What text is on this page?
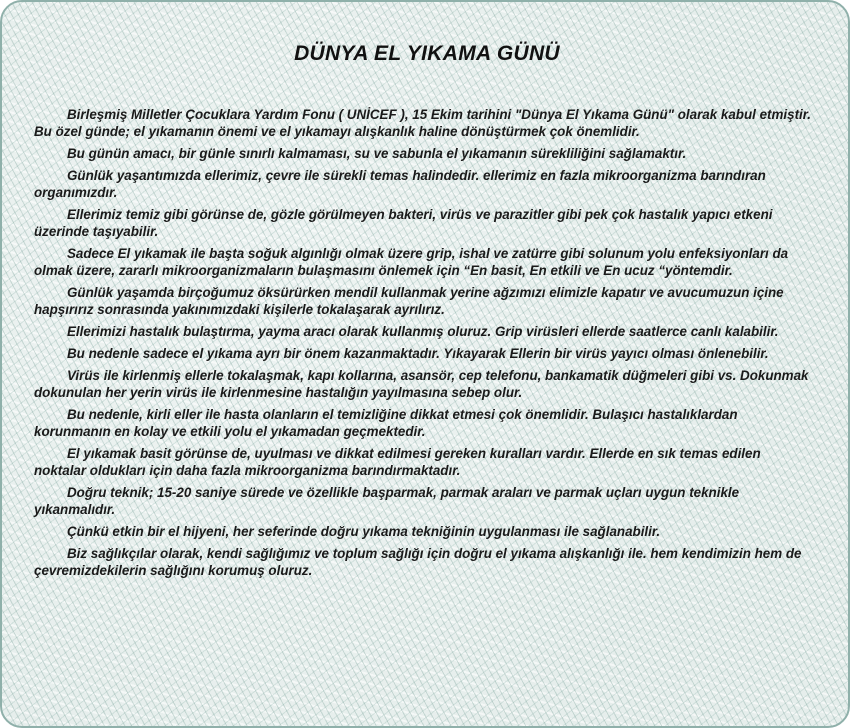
DÜNYA EL YIKAMA GÜNÜ

Birleşmiş Milletler Çocuklara Yardım Fonu ( UNİCEF ), 15 Ekim tarihini "Dünya El Yıkama Günü" olarak kabul etmiştir. Bu özel günde; el yıkamanın önemi ve el yıkamayı alışkanlık haline dönüştürmek çok önemlidir.

Bu günün amacı, bir günle sınırlı kalmaması, su ve sabunla el yıkamanın sürekliliğini sağlamaktır.

Günlük yaşantımızda ellerimiz, çevre ile sürekli temas halindedir. ellerimiz en fazla mikroorganizma barındıran organımızdır.

Ellerimiz temiz gibi görünse de, gözle görülmeyen bakteri, virüs ve parazitler gibi pek çok hastalık yapıcı etkeni üzerinde taşıyabilir.

Sadece El yıkamak ile başta soğuk algınlığı olmak üzere grip, ishal ve zatürre gibi solunum yolu enfeksiyonları da olmak üzere, zararlı mikroorganizmaların bulaşmasını önlemek için “En basit, En etkili ve En ucuz “yöntemdir.

Günlük yaşamda birçoğumuz öksürürken mendil kullanmak yerine ağzımızı elimizle kapatır ve avucumuzun içine hapşırırız sonrasında yakınımızdaki kişilerle tokalaşarak ayrılırız.

Ellerimizi hastalık bulaştırma, yayma aracı olarak kullanmış oluruz. Grip virüsleri ellerde saatlerce canlı kalabilir.

Bu nedenle sadece el yıkama ayrı bir önem kazanmaktadır. Yıkayarak Ellerin bir virüs yayıcı olması önlenebilir.

Virüs ile kirlenmiş ellerle tokalaşmak, kapı kollarına, asansör, cep telefonu, bankamatik düğmeleri gibi vs. Dokunmak dokunulan her yerin virüs ile kirlenmesine hastalığın yayılmasına sebep olur.

Bu nedenle, kirli eller ile hasta olanların el temizliğine dikkat etmesi çok önemlidir. Bulaşıcı hastalıklardan korunmanın en kolay ve etkili yolu el yıkamadan geçmektedir.

El yıkamak basit görünse de, uyulması ve dikkat edilmesi gereken kuralları vardır. Ellerde en sık temas edilen noktalar oldukları için daha fazla mikroorganizma barındırmaktadır.

Doğru teknik; 15-20 saniye sürede ve özellikle başparmak, parmak araları ve parmak uçları uygun teknikle yıkanmalıdır.

Çünkü etkin bir el hijyeni, her seferinde doğru yıkama tekniğinin uygulanması ile sağlanabilir.

Biz sağlıkçılar olarak, kendi sağlığımız ve toplum sağlığı için doğru el yıkama alışkanlığı ile. hem kendimizin hem de çevremizdekilerin sağlığını korumuş oluruz.
